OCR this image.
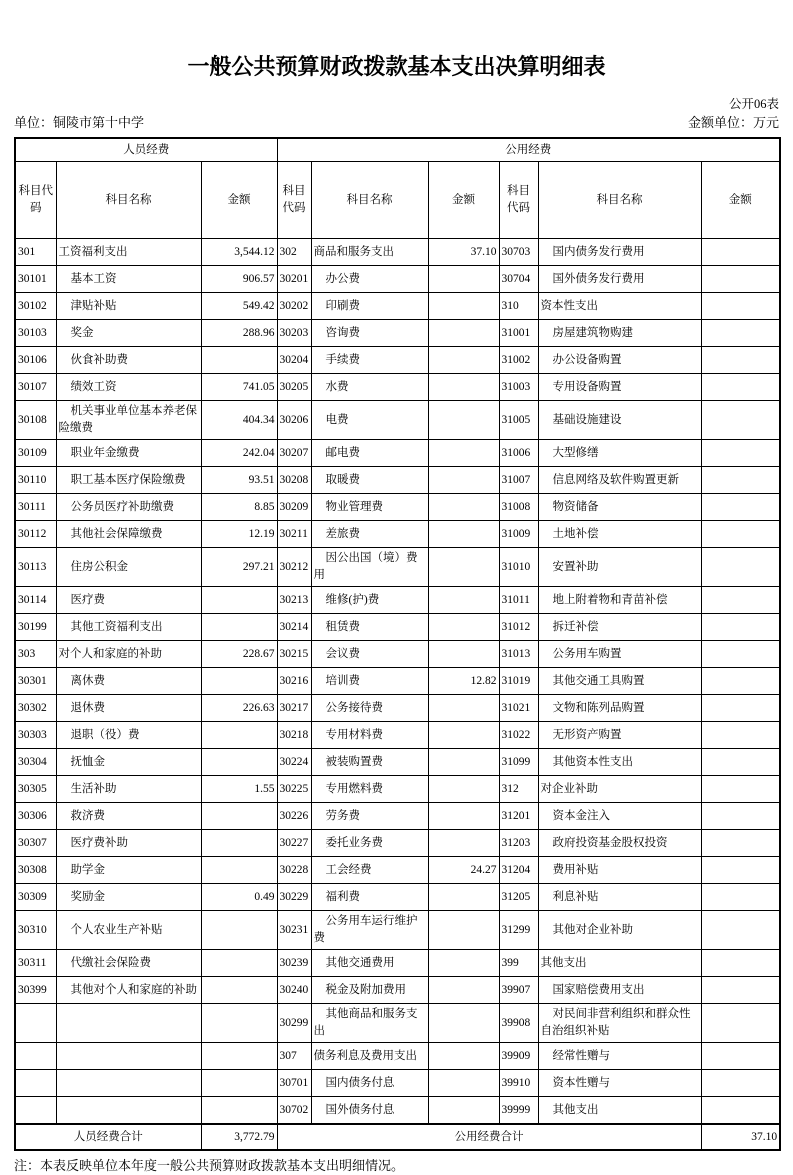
一般公共预算财政拨款基本支出决算明细表
公开06表
单位：铜陵市第十中学	金额单位：万元
人员经费			公用经费					
科目代码	科目名称	金额	科目代码	科目名称	金额	科目代码	科目名称	金额
301	工资福利支出	3,544.12	302	商品和服务支出	37.10	30703	国内债务发行费用	
30101	基本工资	906.57	30201	办公费		30704	国外债务发行费用	
30102	津贴补贴	549.42	30202	印刷费		310	资本性支出	
30103	奖金	288.96	30203	咨询费		31001	房屋建筑物购建	
30106	伙食补助费		30204	手续费		31002	办公设备购置	
30107	绩效工资	741.05	30205	水费		31003	专用设备购置	
30108	机关事业单位基本养老保险缴费	404.34	30206	电费		31005	基础设施建设	
30109	职业年金缴费	242.04	30207	邮电费		31006	大型修缮	
30110	职工基本医疗保险缴费	93.51	30208	取暖费		31007	信息网络及软件购置更新	
30111	公务员医疗补助缴费	8.85	30209	物业管理费		31008	物资储备	
30112	其他社会保障缴费	12.19	30211	差旅费		31009	土地补偿	
30113	住房公积金	297.21	30212	因公出国（境）费用		31010	安置补助	
30114	医疗费		30213	维修(护)费		31011	地上附着物和青苗补偿	
30199	其他工资福利支出		30214	租赁费		31012	拆迁补偿	
303	对个人和家庭的补助	228.67	30215	会议费		31013	公务用车购置	
30301	离休费		30216	培训费	12.82	31019	其他交通工具购置	
30302	退休费	226.63	30217	公务接待费		31021	文物和陈列品购置	
30303	退职（役）费		30218	专用材料费		31022	无形资产购置	
30304	抚恤金		30224	被装购置费		31099	其他资本性支出	
30305	生活补助	1.55	30225	专用燃料费		312	对企业补助	
30306	救济费		30226	劳务费		31201	资本金注入	
30307	医疗费补助		30227	委托业务费		31203	政府投资基金股权投资	
30308	助学金		30228	工会经费	24.27	31204	费用补贴	
30309	奖励金	0.49	30229	福利费		31205	利息补贴	
30310	个人农业生产补贴		30231	公务用车运行维护费		31299	其他对企业补助	
30311	代缴社会保险费		30239	其他交通费用		399	其他支出	
30399	其他对个人和家庭的补助		30240	税金及附加费用		39907	国家赔偿费用支出	
			30299	其他商品和服务支出		39908	对民间非营利组织和群众性自治组织补贴	
			307	债务利息及费用支出		39909	经常性赠与	
			30701	国内债务付息		39910	资本性赠与	
			30702	国外债务付息		39999	其他支出	
人员经费合计		3,772.79	公用经费合计					37.10
注：本表反映单位本年度一般公共预算财政拨款基本支出明细情况。
